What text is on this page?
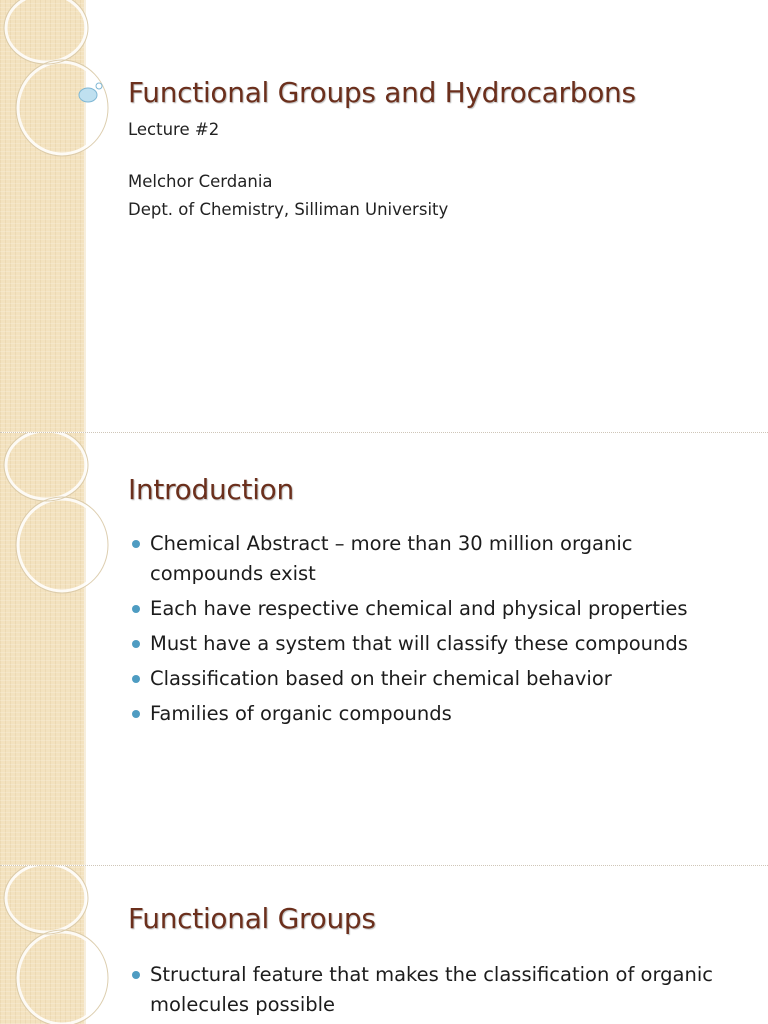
Functional Groups and Hydrocarbons
Lecture #2
Melchor Cerdania
Dept. of Chemistry, Silliman University
Introduction
Chemical Abstract – more than 30 million organic compounds exist
Each have respective chemical and physical properties
Must have a system that will classify these compounds
Classification based on their chemical behavior
Families of organic compounds
Functional Groups
Structural feature that makes the classification of organic molecules possible
